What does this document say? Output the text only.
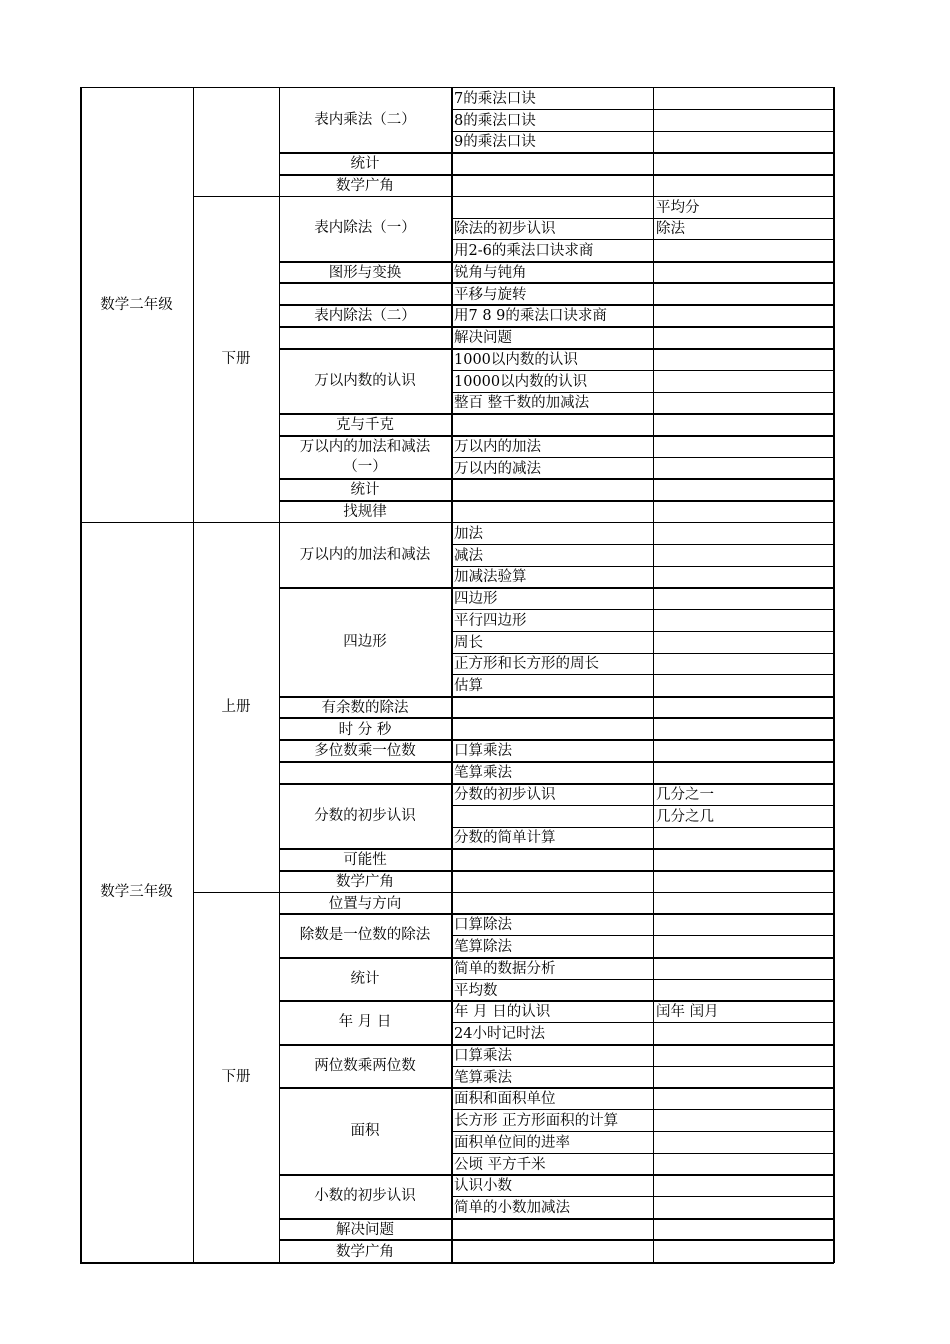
7的乘法口诀
8的乘法口诀
9的乘法口诀
表内乘法（二）
统计
数学广角
除法的初步认识
平均分
除法
用2-6的乘法口诀求商
表内除法（一）
锐角与钝角
图形与变换
平移与旋转
用7 8 9的乘法口诀求商
表内除法（二）
解决问题
1000以内数的认识
10000以内数的认识
整百 整千数的加减法
万以内数的认识
克与千克
万以内的加法
万以内的减法
万以内的加法和减法（一）
统计
找规律
下册
数学二年级
加法
减法
加减法验算
万以内的加法和减法
四边形
平行四边形
周长
正方形和长方形的周长
估算
四边形
有余数的除法
时 分 秒
口算乘法
多位数乘一位数
笔算乘法
分数的初步认识	几分之一
几分之几
分数的简单计算
分数的初步认识
可能性
数学广角
上册
位置与方向
口算除法
笔算除法
除数是一位数的除法
简单的数据分析
平均数
统计
年 月 日的认识	闰年 闰月
24小时记时法
年 月 日
口算乘法
笔算乘法
两位数乘两位数
面积和面积单位
长方形 正方形面积的计算
面积单位间的进率
公顷 平方千米
面积
认识小数
简单的小数加减法
小数的初步认识
解决问题
数学广角
下册
数学三年级
